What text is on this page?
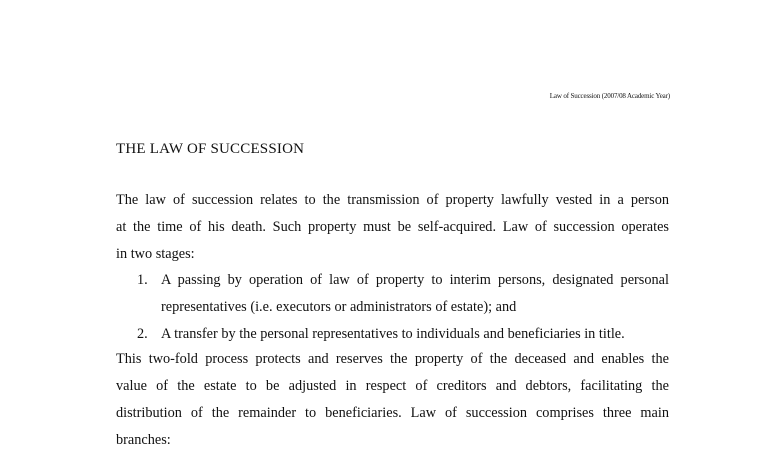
Law of Succession (2007/08 Academic Year)
THE LAW OF SUCCESSION
The law of succession relates to the transmission of property lawfully vested in a person
at the time of his death. Such property must be self-acquired. Law of succession operates
in two stages:
1. A passing by operation of law of property to interim persons, designated personal
representatives (i.e. executors or administrators of estate); and
2. A transfer by the personal representatives to individuals and beneficiaries in title.
This two-fold process protects and reserves the property of the deceased and enables the
value of the estate to be adjusted in respect of creditors and debtors, facilitating the
distribution of the remainder to beneficiaries. Law of succession comprises three main
branches:
